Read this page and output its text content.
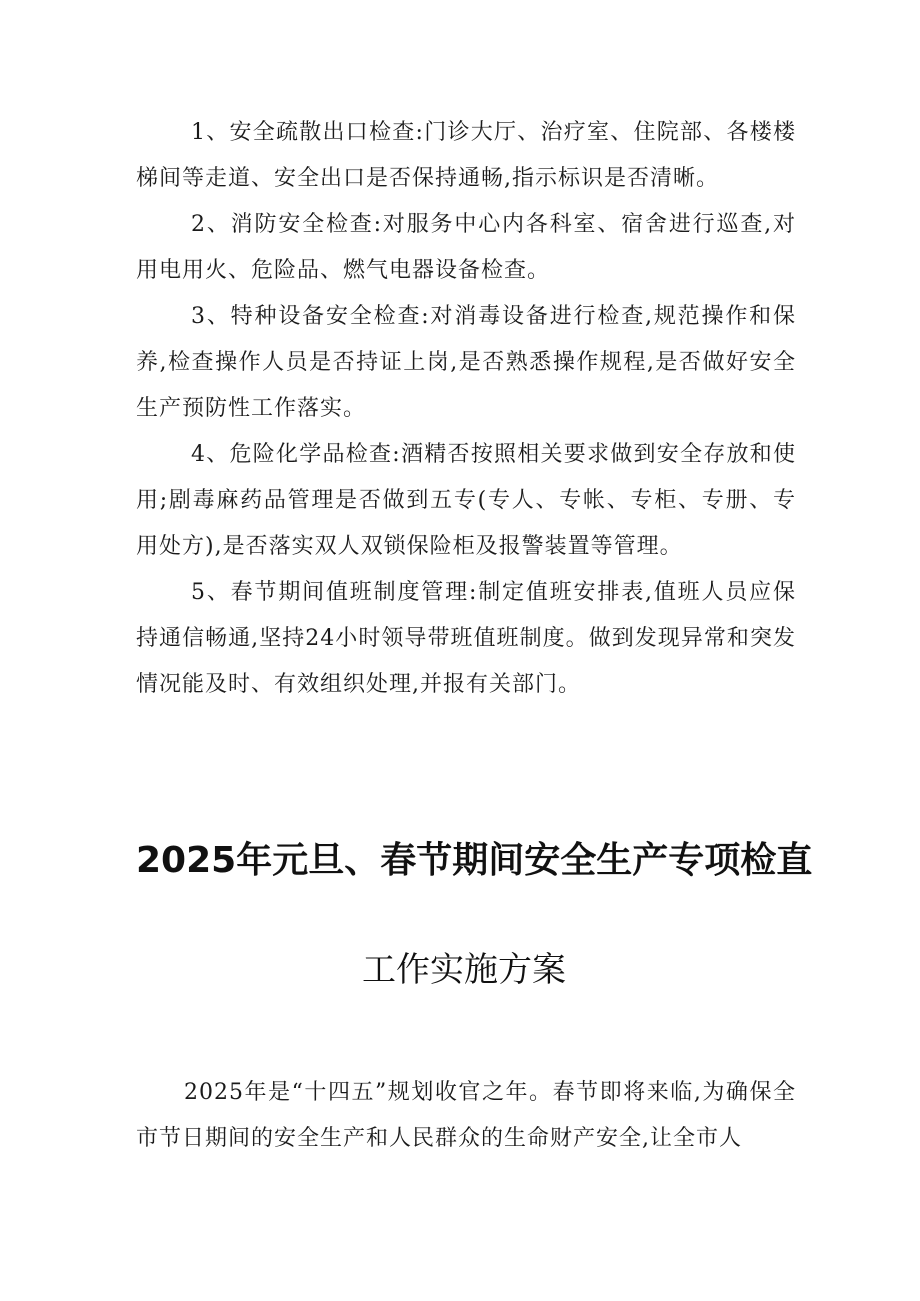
1、安全疏散出口检查:门诊大厅、治疗室、住院部、各楼楼梯间等走道、安全出口是否保持通畅,指示标识是否清晰。

2、消防安全检查:对服务中心内各科室、宿舍进行巡查,对用电用火、危险品、燃气电器设备检查。

3、特种设备安全检查:对消毒设备进行检查,规范操作和保养,检查操作人员是否持证上岗,是否熟悉操作规程,是否做好安全生产预防性工作落实。

4、危险化学品检查:酒精否按照相关要求做到安全存放和使用;剧毒麻药品管理是否做到五专(专人、专帐、专柜、专册、专用处方),是否落实双人双锁保险柜及报警装置等管理。

5、春节期间值班制度管理:制定值班安排表,值班人员应保持通信畅通,坚持24小时领导带班值班制度。做到发现异常和突发情况能及时、有效组织处理,并报有关部门。

2025年元旦、春节期间安全生产专项检直
工作实施方案

2025年是“十四五”规划收官之年。春节即将来临,为确保全市节日期间的安全生产和人民群众的生命财产安全,让全市人
